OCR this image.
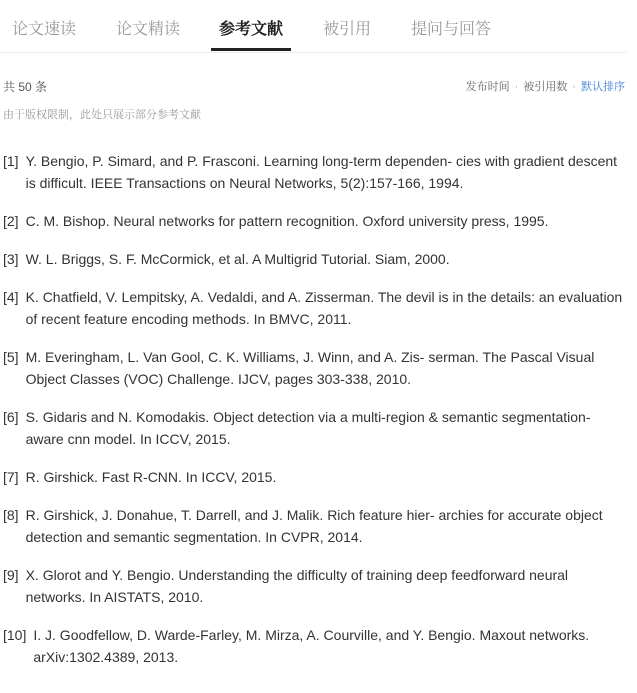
论文速读 论文精读 参考文献 被引用 提问与回答
共 50 条	发布时间 · 被引用数 · 默认排序
由于版权限制，此处只展示部分参考文献
[1] Y. Bengio, P. Simard, and P. Frasconi. Learning long-term dependen- cies with gradient descent is difficult. IEEE Transactions on Neural Networks, 5(2):157-166, 1994.
[2] C. M. Bishop. Neural networks for pattern recognition. Oxford university press, 1995.
[3] W. L. Briggs, S. F. McCormick, et al. A Multigrid Tutorial. Siam, 2000.
[4] K. Chatfield, V. Lempitsky, A. Vedaldi, and A. Zisserman. The devil is in the details: an evaluation of recent feature encoding methods. In BMVC, 2011.
[5] M. Everingham, L. Van Gool, C. K. Williams, J. Winn, and A. Zis- serman. The Pascal Visual Object Classes (VOC) Challenge. IJCV, pages 303-338, 2010.
[6] S. Gidaris and N. Komodakis. Object detection via a multi-region & semantic segmentation-aware cnn model. In ICCV, 2015.
[7] R. Girshick. Fast R-CNN. In ICCV, 2015.
[8] R. Girshick, J. Donahue, T. Darrell, and J. Malik. Rich feature hier- archies for accurate object detection and semantic segmentation. In CVPR, 2014.
[9] X. Glorot and Y. Bengio. Understanding the difficulty of training deep feedforward neural networks. In AISTATS, 2010.
[10] I. J. Goodfellow, D. Warde-Farley, M. Mirza, A. Courville, and Y. Bengio. Maxout networks. arXiv:1302.4389, 2013.
